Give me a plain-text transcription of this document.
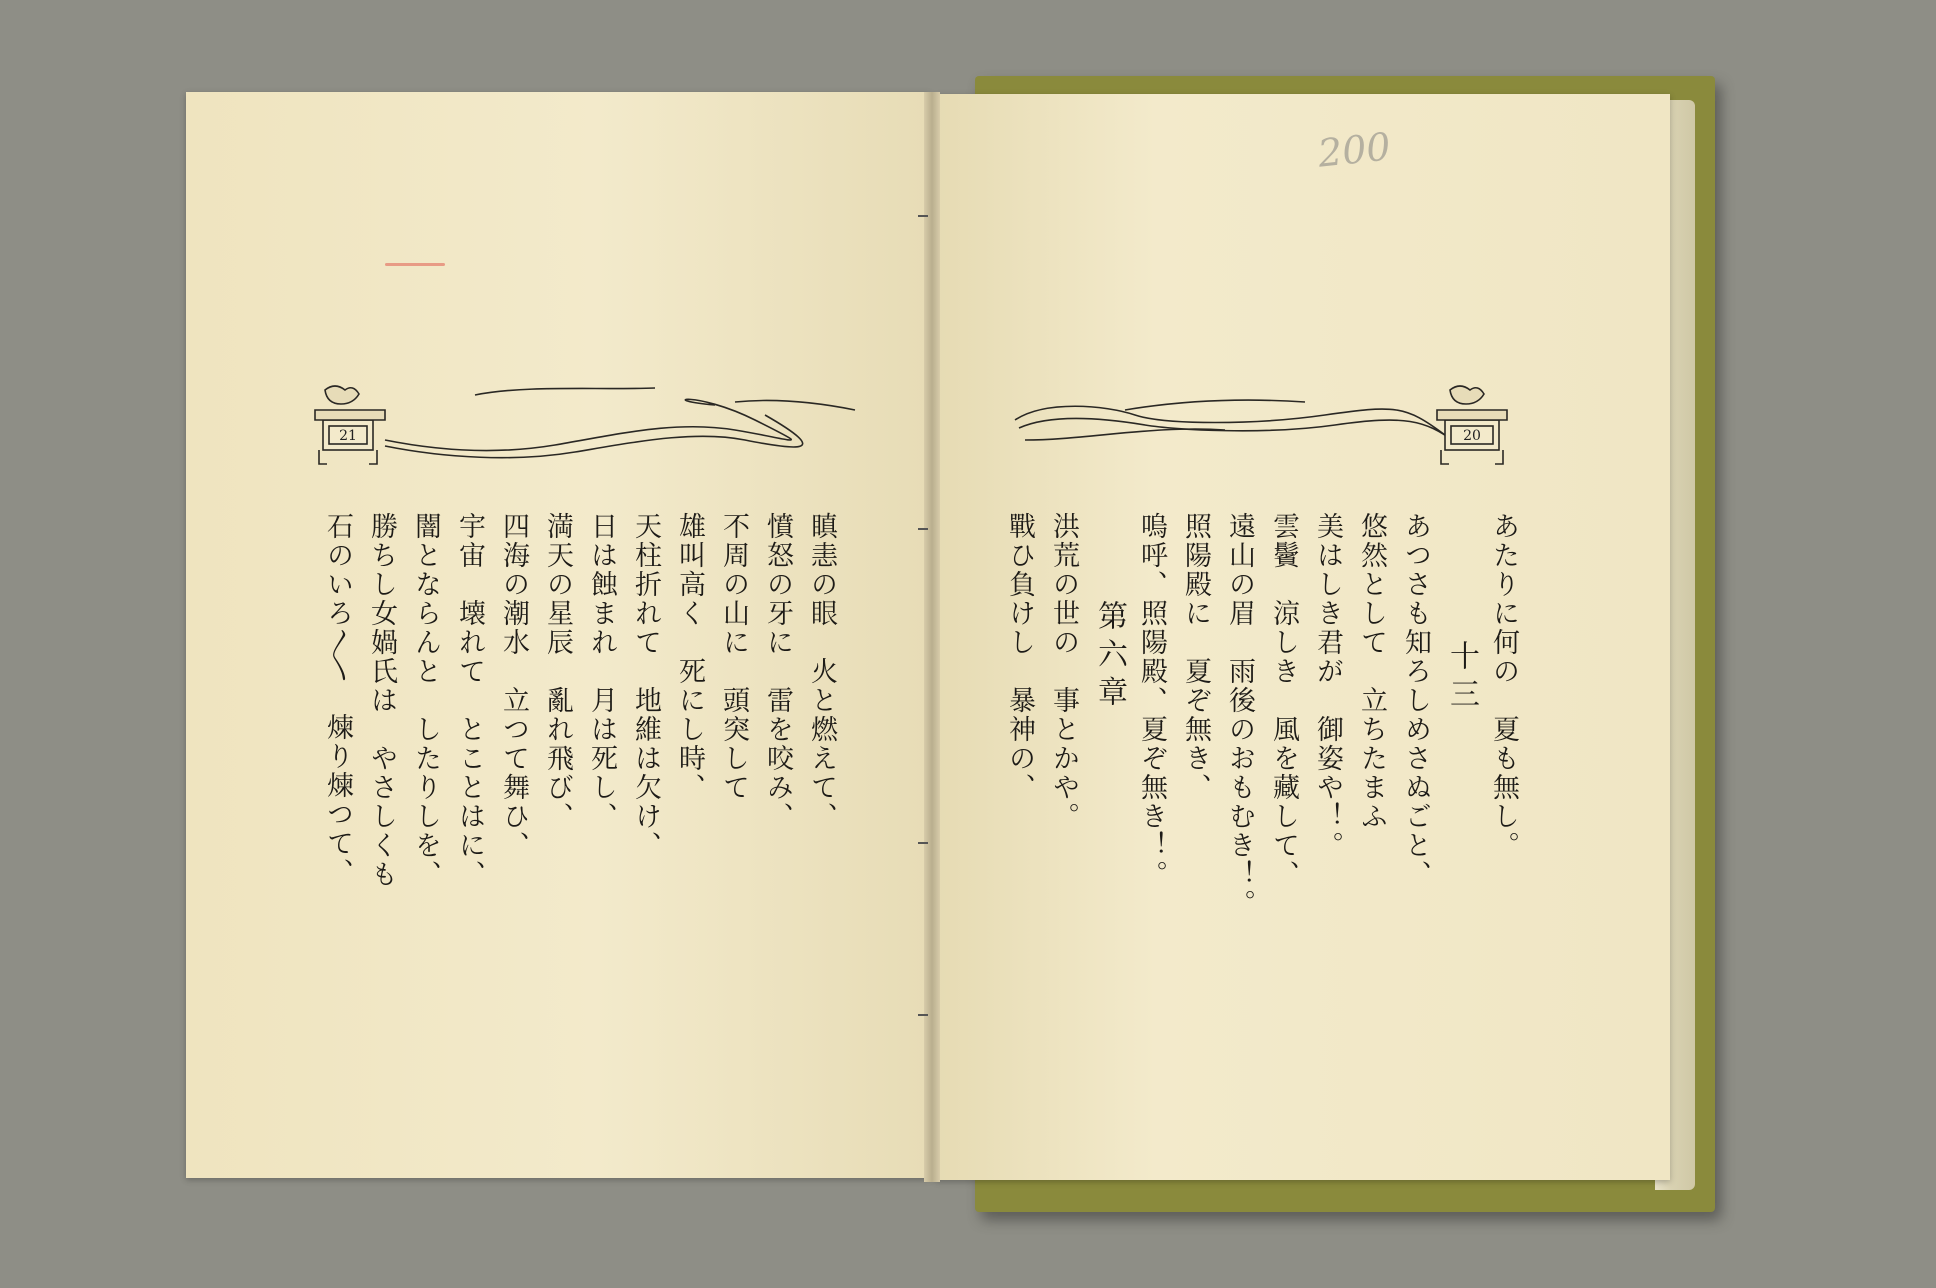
200
21	20
瞋恚の眼　火と燃えて、
憤怒の牙に　雷を咬み、
不周の山に　頭突して
雄叫高く　死にし時、
天柱折れて　地維は欠け、
日は蝕まれ　月は死し、
満天の星辰　亂れ飛び、
四海の潮水　立つて舞ひ、
宇宙　壊れて　とことはに、
闇とならんと　したりしを、
勝ちし女媧氏は　やさしくも
石のいろ〳〵　煉り煉つて、	あたりに何の　夏も無し。
十三
あつさも知ろしめさぬごと、
悠然として　立ちたまふ
美はしき君が　御姿や！。
雲鬢　涼しき　風を藏して、
遠山の眉　雨後のおもむき！。
照陽殿に　夏ぞ無き、
嗚呼、照陽殿、夏ぞ無き！。
第六章
洪荒の世の　事とかや。
戰ひ負けし　暴神の、
